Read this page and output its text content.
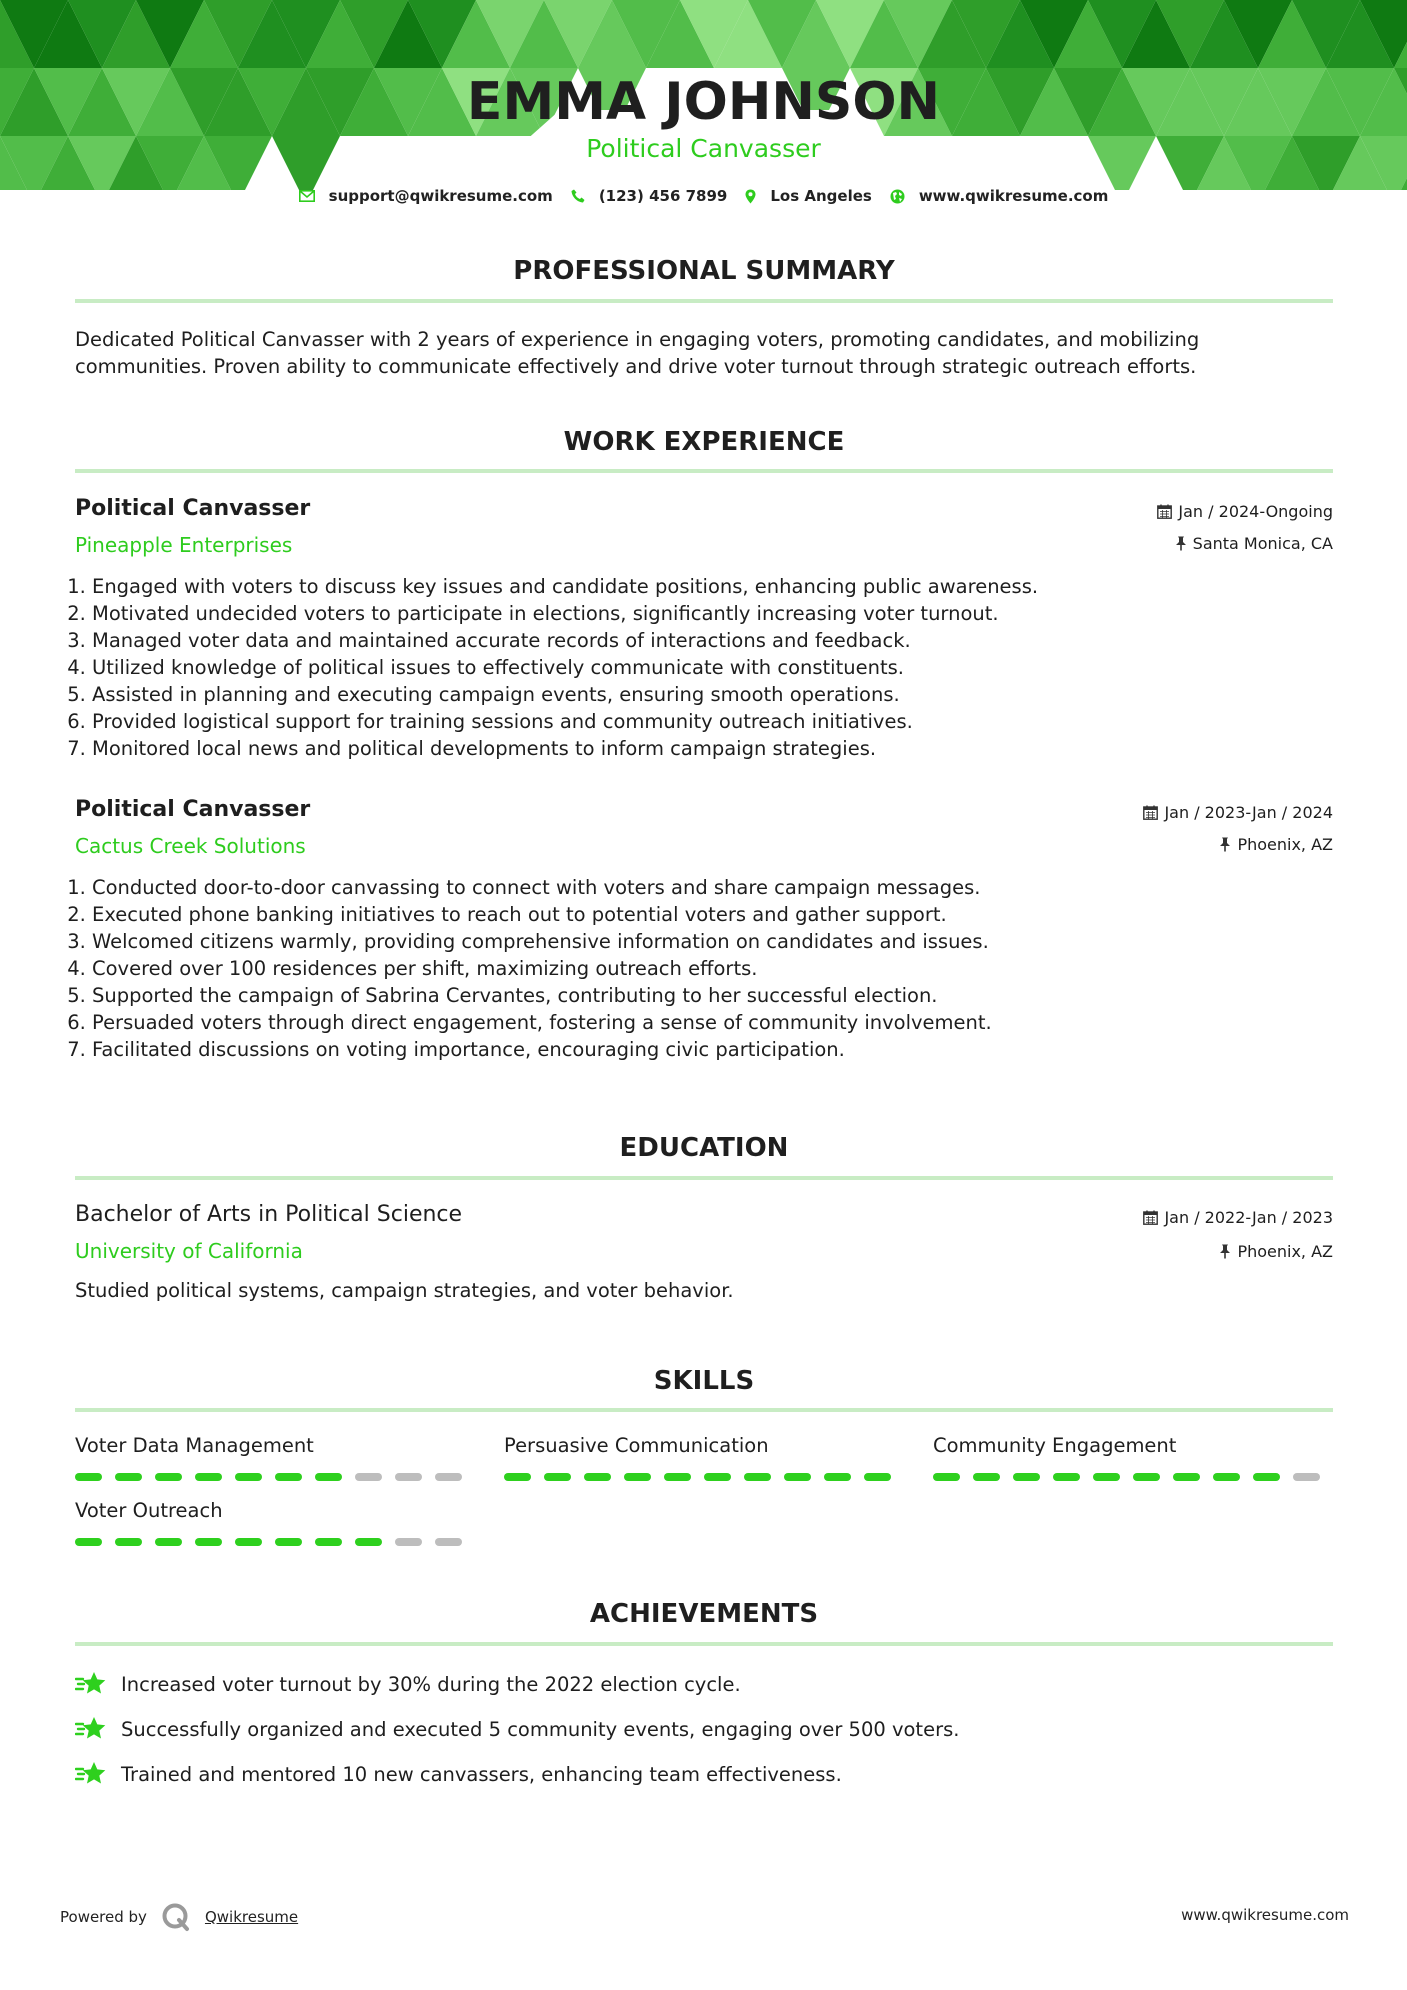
EMMA JOHNSON
Political Canvasser
support@qwikresume.com	(123) 456 7899	Los Angeles	www.qwikresume.com
PROFESSIONAL SUMMARY
Dedicated Political Canvasser with 2 years of experience in engaging voters, promoting candidates, and mobilizing
communities. Proven ability to communicate effectively and drive voter turnout through strategic outreach efforts.
WORK EXPERIENCE
Political Canvasser
Pineapple Enterprises
Jan / 2024-Ongoing
Santa Monica, CA
1. Engaged with voters to discuss key issues and candidate positions, enhancing public awareness.
2. Motivated undecided voters to participate in elections, significantly increasing voter turnout.
3. Managed voter data and maintained accurate records of interactions and feedback.
4. Utilized knowledge of political issues to effectively communicate with constituents.
5. Assisted in planning and executing campaign events, ensuring smooth operations.
6. Provided logistical support for training sessions and community outreach initiatives.
7. Monitored local news and political developments to inform campaign strategies.
Political Canvasser
Cactus Creek Solutions
Jan / 2023-Jan / 2024
Phoenix, AZ
1. Conducted door-to-door canvassing to connect with voters and share campaign messages.
2. Executed phone banking initiatives to reach out to potential voters and gather support.
3. Welcomed citizens warmly, providing comprehensive information on candidates and issues.
4. Covered over 100 residences per shift, maximizing outreach efforts.
5. Supported the campaign of Sabrina Cervantes, contributing to her successful election.
6. Persuaded voters through direct engagement, fostering a sense of community involvement.
7. Facilitated discussions on voting importance, encouraging civic participation.
EDUCATION
Bachelor of Arts in Political Science
University of California
Jan / 2022-Jan / 2023
Phoenix, AZ
Studied political systems, campaign strategies, and voter behavior.
SKILLS
Voter Data Management	Persuasive Communication	Community Engagement
Voter Outreach
ACHIEVEMENTS
Increased voter turnout by 30% during the 2022 election cycle.
Successfully organized and executed 5 community events, engaging over 500 voters.
Trained and mentored 10 new canvassers, enhancing team effectiveness.
Powered by	Qwikresume	www.qwikresume.com
